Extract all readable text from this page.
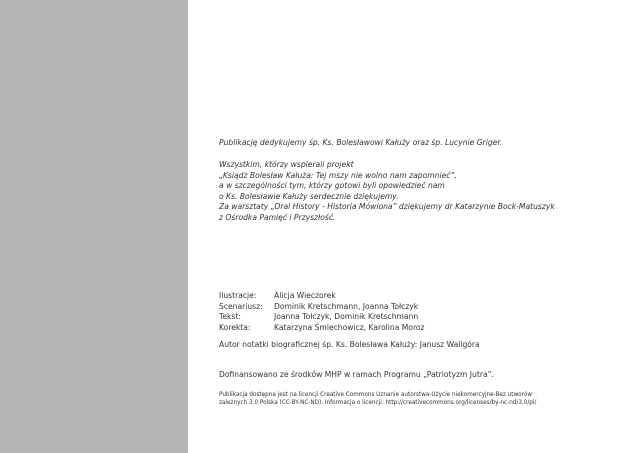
Publikację dedykujemy śp. Ks. Bolesławowi Kałuży oraz śp. Lucynie Griger.

Wszystkim, którzy wspierali projekt
„Ksiądz Bolesław Kałuża: Tej mszy nie wolno nam zapomnieć”,
a w szczególności tym, którzy gotowi byli opowiedzieć nam
o Ks. Bolesławie Kałuży serdecznie dziękujemy.
Za warsztaty „Oral History - Historia Mówiona” dziękujemy dr Katarzynie Bock-Matuszyk
z Ośrodka Pamięć i Przyszłość.

Ilustracje:	Alicja Wieczorek
Scenariusz:	Dominik Kretschmann, Joanna Tołczyk
Tekst:	Joanna Tołczyk, Dominik Kretschmann
Korekta:	Katarzyna Śmiechowicz, Karolina Moroz

Autor notatki biograficznej śp. Ks. Bolesława Kałuży: Janusz Waligóra

Dofinansowano ze środków MHP w ramach Programu „Patriotyzm Jutra”.

Publikacja dostępna jest na licencji Creative Commons Uznanie autorstwa-Użycie niekomercyjne-Bez utworów
zależnych 3.0 Polska (CC-BY-NC-ND). Informacja o licencji: http://creativecommons.org/licenses/by-nc-nd/3.0/pl/
